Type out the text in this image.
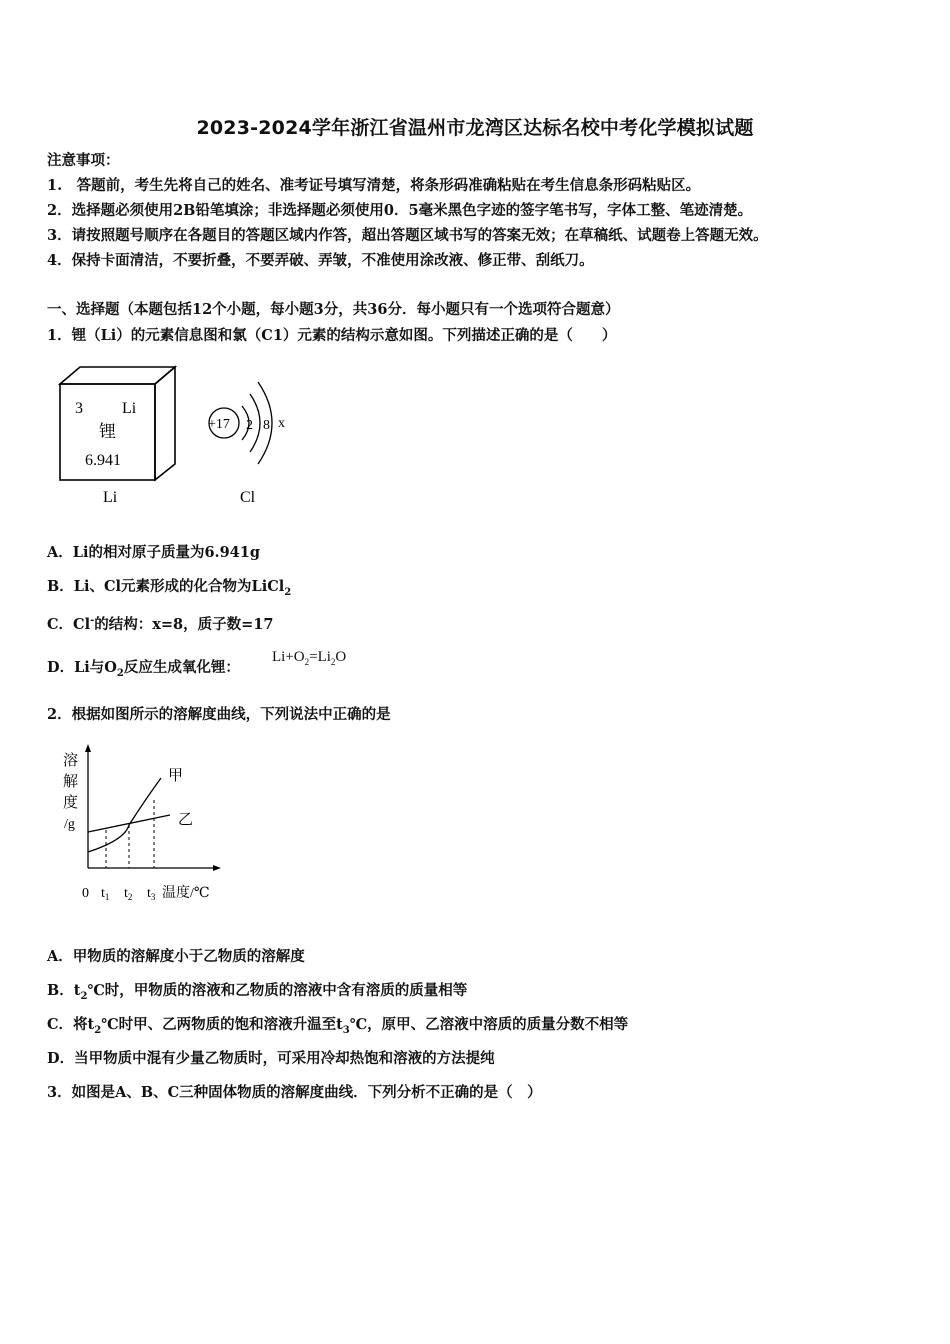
2023-2024学年浙江省温州市龙湾区达标名校中考化学模拟试题
注意事项：
1.　答题前，考生先将自己的姓名、准考证号填写清楚，将条形码准确粘贴在考生信息条形码粘贴区。
2．选择题必须使用2B铅笔填涂；非选择题必须使用0．5毫米黑色字迹的签字笔书写，字体工整、笔迹清楚。
3．请按照题号顺序在各题目的答题区域内作答，超出答题区域书写的答案无效；在草稿纸、试题卷上答题无效。
4．保持卡面清洁，不要折叠，不要弄破、弄皱，不准使用涂改液、修正带、刮纸刀。
一、选择题（本题包括12个小题，每小题3分，共36分．每小题只有一个选项符合题意）
1．锂（Li）的元素信息图和氯（C1）元素的结构示意如图。下列描述正确的是（　　）
3 Li
锂
6.941
Li
+17 2 8 x
Cl
A．Li的相对原子质量为6.941g
B．Li、Cl元素形成的化合物为LiCl$_2$
C．Cl-的结构：x=8，质子数=17
D．Li与$O_2$反应生成氧化锂：
$Li+O_2=Li_2O$
2．根据如图所示的溶解度曲线，下列说法中正确的是
溶
解
度
/g
甲
乙
0 $t_1$ $t_2$ $t_3$ 温度/℃
A．甲物质的溶解度小于乙物质的溶解度
B．$t_2℃$时，甲物质的溶液和乙物质的溶液中含有溶质的质量相等
C．将$t_2℃$时甲、乙两物质的饱和溶液升温至$t_3℃$，原甲、乙溶液中溶质的质量分数不相等
D．当甲物质中混有少量乙物质时，可采用冷却热饱和溶液的方法提纯
3．如图是A、B、C三种固体物质的溶解度曲线．下列分析不正确的是（　）
